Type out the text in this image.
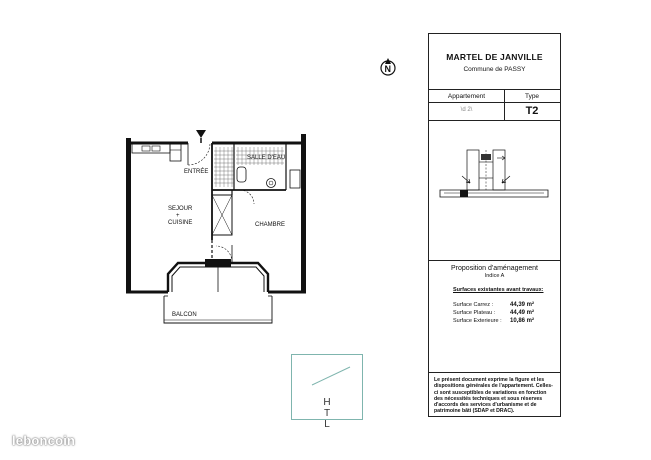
ENTRÉE
SALLE D'EAU
SEJOUR
+
CUISINE	CHAMBRE
BALCON
N
MARTEL DE JANVILLE
Commune de PASSY
Appartement
\d 2\
Type
T2
Proposition d'aménagement
Indice A
Surfaces existantes avant travaux:
Surface Carrez :	44,39 m²
Surface Plateau : 44,49 m²
Surface Exterieure : 10,86 m²
Le présent document exprime la figure et les dispositions générales de l'appartement. Celles-ci sont susceptibles de variations en fonction des nécessités techniques et sous réserves d'accords des services d'urbanisme et de patrimoine bâti (SDAP et DRAC).
H T L
leboncoin
